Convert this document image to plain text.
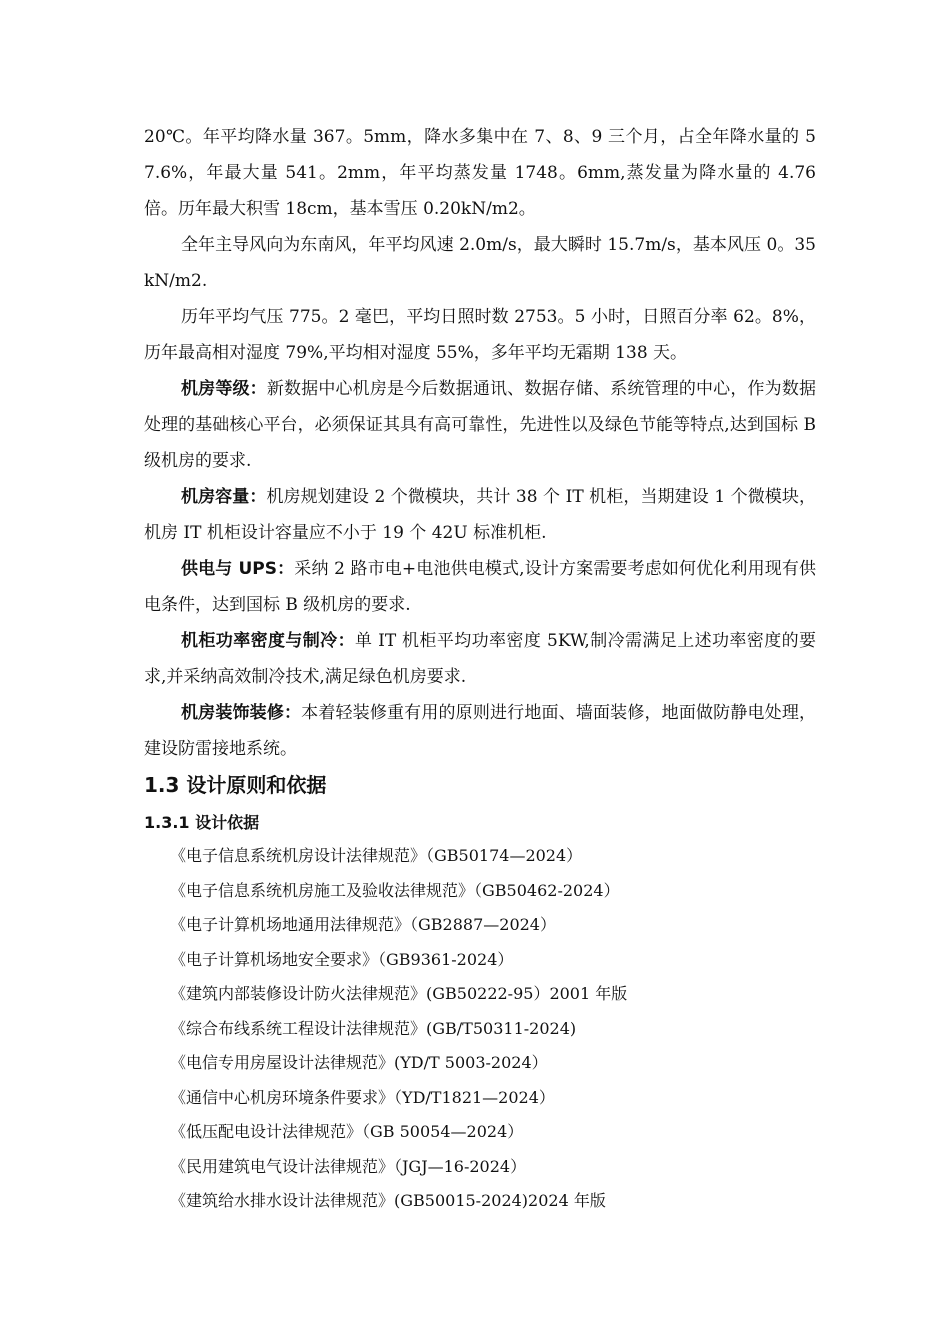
20℃。年平均降水量 367。5mm，降水多集中在 7、8、9 三个月，占全年降水量的 57.6%，年最大量 541。2mm，年平均蒸发量 1748。6mm,蒸发量为降水量的 4.76 倍。历年最大积雪 18cm，基本雪压 0.20kN/m2。

全年主导风向为东南风，年平均风速 2.0m/s，最大瞬时 15.7m/s，基本风压 0。35kN/m2.

历年平均气压 775。2 毫巴，平均日照时数 2753。5 小时，日照百分率 62。8%，历年最高相对湿度 79%,平均相对湿度 55%，多年平均无霜期 138 天。

机房等级：新数据中心机房是今后数据通讯、数据存储、系统管理的中心，作为数据处理的基础核心平台，必须保证其具有高可靠性，先进性以及绿色节能等特点,达到国标 B 级机房的要求.

机房容量：机房规划建设 2 个微模块，共计 38 个 IT 机柜，当期建设 1 个微模块，机房 IT 机柜设计容量应不小于 19 个 42U 标准机柜.

供电与 UPS：采纳 2 路市电+电池供电模式,设计方案需要考虑如何优化利用现有供电条件，达到国标 B 级机房的要求.

机柜功率密度与制冷：单 IT 机柜平均功率密度 5KW,制冷需满足上述功率密度的要求,并采纳高效制冷技术,满足绿色机房要求.

机房装饰装修：本着轻装修重有用的原则进行地面、墙面装修，地面做防静电处理，建设防雷接地系统。

1.3 设计原则和依据
1.3.1 设计依据
《电子信息系统机房设计法律规范》（GB50174—2024）
《电子信息系统机房施工及验收法律规范》（GB50462-2024）
《电子计算机场地通用法律规范》（GB2887—2024）
《电子计算机场地安全要求》（GB9361-2024）
《建筑内部装修设计防火法律规范》(GB50222-95）2001 年版
《综合布线系统工程设计法律规范》(GB/T50311-2024)
《电信专用房屋设计法律规范》(YD/T 5003-2024）
《通信中心机房环境条件要求》（YD/T1821—2024）
《低压配电设计法律规范》（GB 50054—2024）
《民用建筑电气设计法律规范》（JGJ—16-2024）
《建筑给水排水设计法律规范》(GB50015-2024)2024 年版
